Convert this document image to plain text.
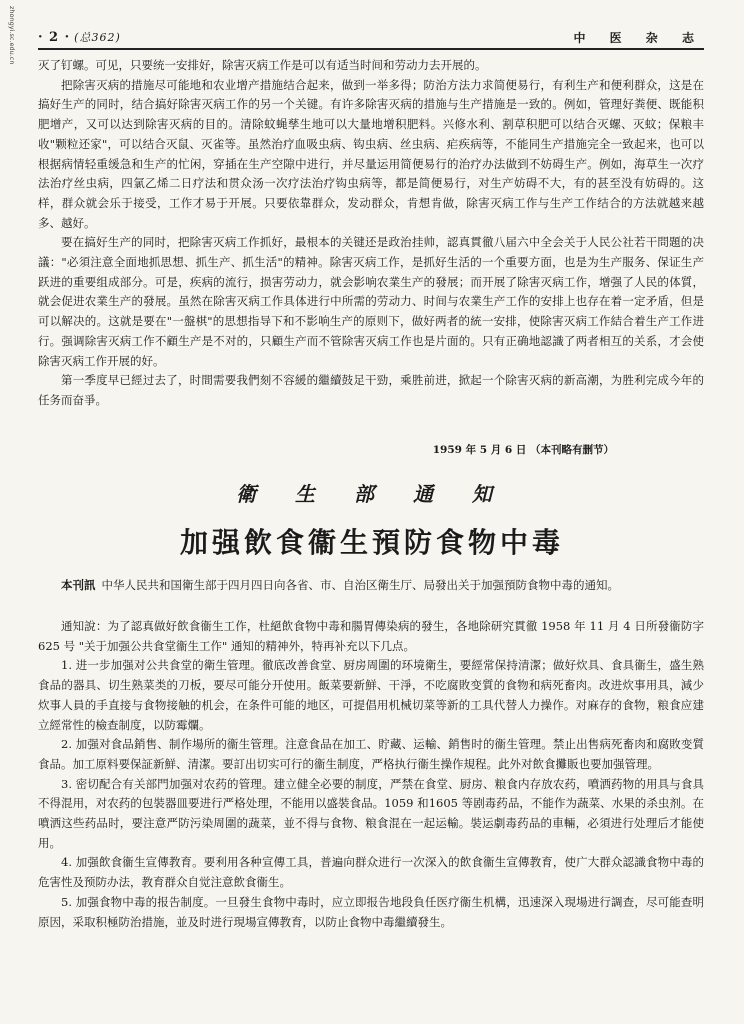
zhongyi.sc.edu.cn · 2 · (总362)	中 医 杂 志

灭了钉螺。可见，只要统一安排好，除害灭病工作是可以有适当时间和劳动力去开展的。

把除害灭病的措施尽可能地和农业增产措施结合起来，做到一举多得；防治方法力求简便易行，有利生产和便利群众，这是在搞好生产的同时，结合搞好除害灭病工作的另一个关键。有许多除害灭病的措施与生产措施是一致的。例如，管理好粪便、既能积肥增产，又可以达到除害灭病的目的。清除蚊蝇孳生地可以大量地增积肥料。兴修水利、割草积肥可以结合灭螺、灭蚊；保粮丰收"颗粒还家"，可以结合灭鼠、灭雀等。虽然治疗血吸虫病、钩虫病、丝虫病、疟疾病等，不能同生产措施完全一致起来，也可以根据病情轻重缓急和生产的忙闲，穿插在生产空隙中进行，并尽量运用简便易行的治疗办法做到不妨碍生产。例如，海草生一次疗法治疗丝虫病，四氯乙烯二日疗法和贯众汤一次疗法治疗钩虫病等，都是简便易行，对生产妨碍不大，有的甚至没有妨碍的。这样，群众就会乐于接受，工作才易于开展。只要依靠群众，发动群众，肯想肯做，除害灭病工作与生产工作结合的方法就越来越多、越好。

要在搞好生产的同时，把除害灭病工作抓好，最根本的关键还是政治挂帅，認真貫徹八届六中全会关于人民公社若干問題的决議："必須注意全面地抓思想、抓生产、抓生活"的精神。除害灭病工作，是抓好生活的一个重要方面，也是为生产服务、保证生产跃进的重要组成部分。可是，疾病的流行，损害劳动力，就会影响农業生产的發展；而开展了除害灭病工作，增强了人民的体質，就会促进农業生产的發展。虽然在除害灭病工作具体进行中所需的劳动力、时间与农業生产工作的安排上也存在着一定矛盾，但是可以解决的。这就是要在"一盤棋"的思想指导下和不影响生产的原则下，做好两者的統一安排，使除害灭病工作結合着生产工作进行。强调除害灭病工作不顧生产是不对的，只顧生产而不管除害灭病工作也是片面的。只有正确地認識了两者相互的关系，才会使除害灭病工作开展的好。

第一季度早已經过去了，时間需要我們刻不容緩的繼續鼓足干勁，乘胜前进，掀起一个除害灭病的新高潮，为胜利完成今年的任务而奋爭。

1959 年 5 月 6 日 （本刊略有删节）
衛 生 部 通 知
加强飲食衞生預防食物中毒
本刊訊 中华人民共和国衛生部于四月四日向各省、市、自治区衛生厅、局發出关于加强預防食物中毒的通知。

通知說：为了認真做好飲食衞生工作，杜絕飲食物中毒和腸胃傳染病的發生，各地除研究貫徹 1958 年 11 月 4 日所發衞防字 625 号 "关于加强公共食堂衞生工作" 通知的精神外，特再补充以下几点。

1. 进一步加强对公共食堂的衛生管理。徹底改善食堂、厨房周圍的环境衛生，要經常保持清潔；做好炊具、食具衞生，盛生熟食品的器具、切生熟菜类的刀板，要尽可能分开使用。飯菜要新鮮、干淨，不吃腐敗变質的食物和病死畜肉。改进炊事用具，減少炊事人員的手直接与食物接触的机会，在条件可能的地区，可提倡用机械切菜等新的工具代替人力操作。对麻存的食物，粮食应建立經常性的檢查制度，以防霉爛。

2. 加强对食品銷售、制作場所的衞生管理。注意食品在加工、貯藏、运輸、銷售时的衞生管理。禁止出售病死畜肉和腐敗变質食品。加工原料要保証新鮮、清潔。要訂出切实可行的衞生制度，严格执行衞生操作規程。此外对飲食攤販也要加强管理。

3. 密切配合有关部門加强对农药的管理。建立健全必要的制度，严禁在食堂、厨房、粮食内存放农药，噴洒药物的用具与食具不得混用，对农药的包裝器皿要进行严格处理，不能用以盛裝食品。1059 和1605 等剧毒药品，不能作为蔬菜、水果的杀虫剂。在噴洒这些药品时，要注意严防污染周圍的蔬菜，並不得与食物、粮食混在一起运輸。裝运劇毒药品的車輛，必須进行处理后才能使用。

4. 加强飲食衞生宣傳教育。要利用各种宣傳工具，普遍向群众进行一次深入的飲食衞生宣傳教育，使广大群众認識食物中毒的危害性及预防办法，教育群众自觉注意飲食衞生。

5. 加强食物中毒的报告制度。一旦發生食物中毒时，应立即报告地段負任医疗衞生机構，迅速深入現場进行調查，尽可能查明原因，采取积極防治措施，並及时进行現場宣傳教育，以防止食物中毒繼續發生。
